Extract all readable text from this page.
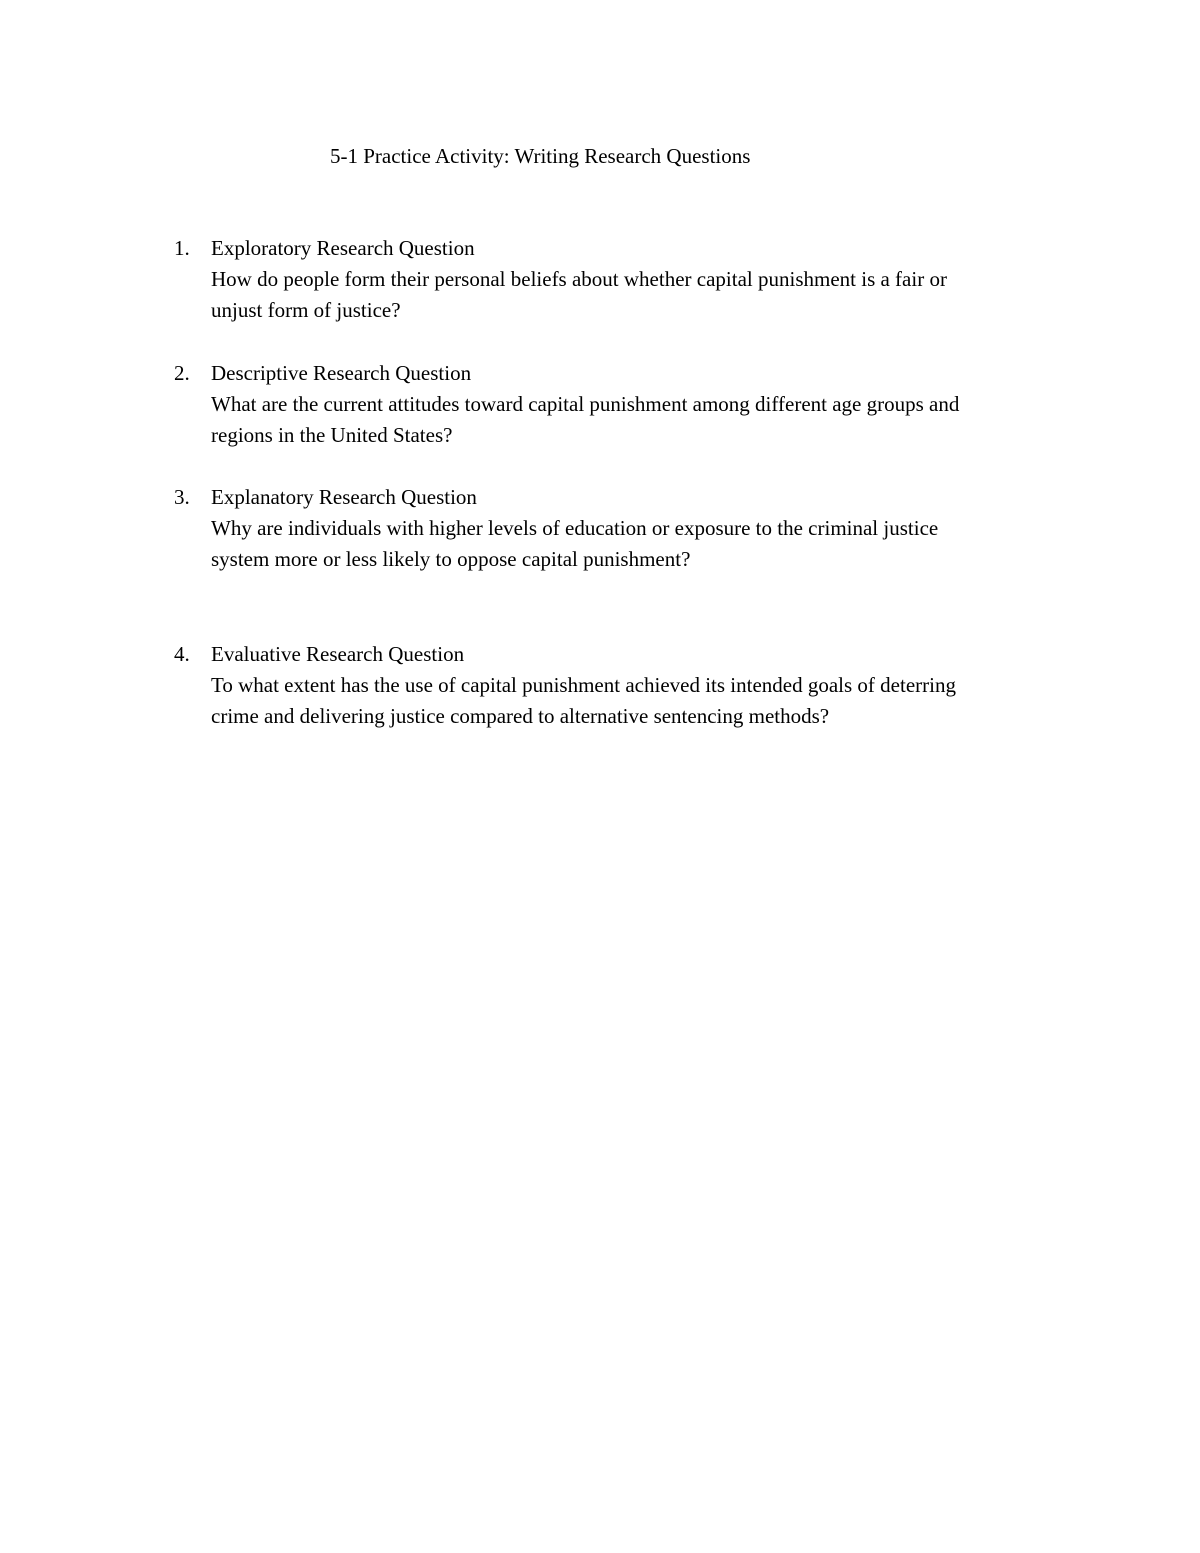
5-1 Practice Activity: Writing Research Questions
1. Exploratory Research Question
How do people form their personal beliefs about whether capital punishment is a fair or
unjust form of justice?
2. Descriptive Research Question
What are the current attitudes toward capital punishment among different age groups and
regions in the United States?
3. Explanatory Research Question
Why are individuals with higher levels of education or exposure to the criminal justice
system more or less likely to oppose capital punishment?
4. Evaluative Research Question
To what extent has the use of capital punishment achieved its intended goals of deterring
crime and delivering justice compared to alternative sentencing methods?
